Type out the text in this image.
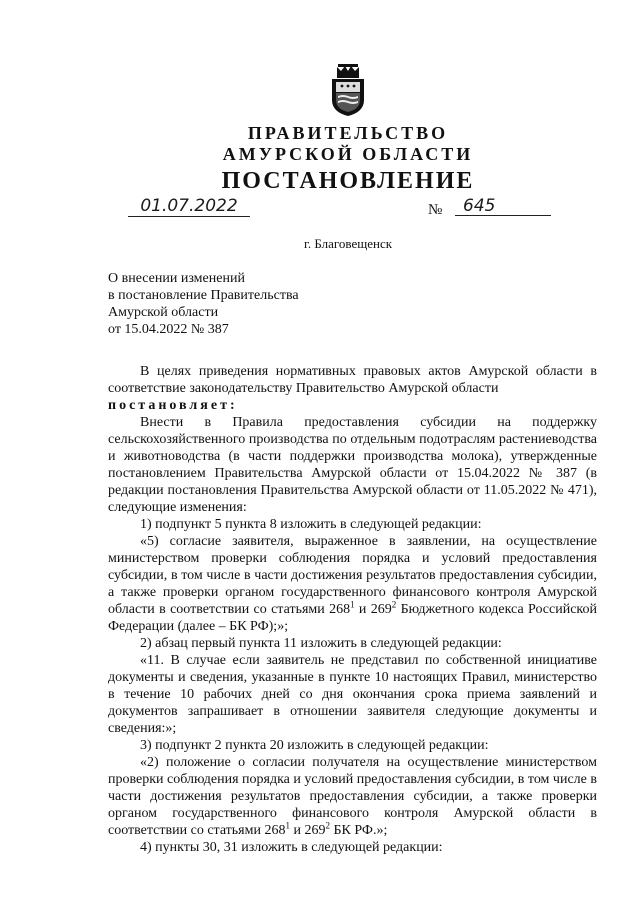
ПРАВИТЕЛЬСТВО
АМУРСКОЙ ОБЛАСТИ
ПОСТАНОВЛЕНИЕ
01.07.2022	№	645
г. Благовещенск
О внесении изменений
в постановление Правительства
Амурской области
от 15.04.2022 № 387

В целях приведения нормативных правовых актов Амурской области в соответствие законодательству Правительство Амурской области

постановляет:

Внести в Правила предоставления субсидии на поддержку сельскохозяйственного производства по отдельным подотраслям растениеводства и животноводства (в части поддержки производства молока), утвержденные постановлением Правительства Амурской области от 15.04.2022 № 387 (в редакции постановления Правительства Амурской области от 11.05.2022 № 471), следующие изменения:

1) подпункт 5 пункта 8 изложить в следующей редакции:

«5) согласие заявителя, выраженное в заявлении, на осуществление министерством проверки соблюдения порядка и условий предоставления субсидии, в том числе в части достижения результатов предоставления субсидии, а также проверки органом государственного финансового контроля Амурской области в соответствии со статьями $268^1$ и $269^2$ Бюджетного кодекса Российской Федерации (далее – БК РФ);»;

2) абзац первый пункта 11 изложить в следующей редакции:

«11. В случае если заявитель не представил по собственной инициативе документы и сведения, указанные в пункте 10 настоящих Правил, министерство в течение 10 рабочих дней со дня окончания срока приема заявлений и документов запрашивает в отношении заявителя следующие документы и сведения:»;

3) подпункт 2 пункта 20 изложить в следующей редакции:

«2) положение о согласии получателя на осуществление министерством проверки соблюдения порядка и условий предоставления субсидии, в том числе в части достижения результатов предоставления субсидии, а также проверки органом государственного финансового контроля Амурской области в соответствии со статьями $268^1$ и $269^2$ БК РФ.»;

4) пункты 30, 31 изложить в следующей редакции:
